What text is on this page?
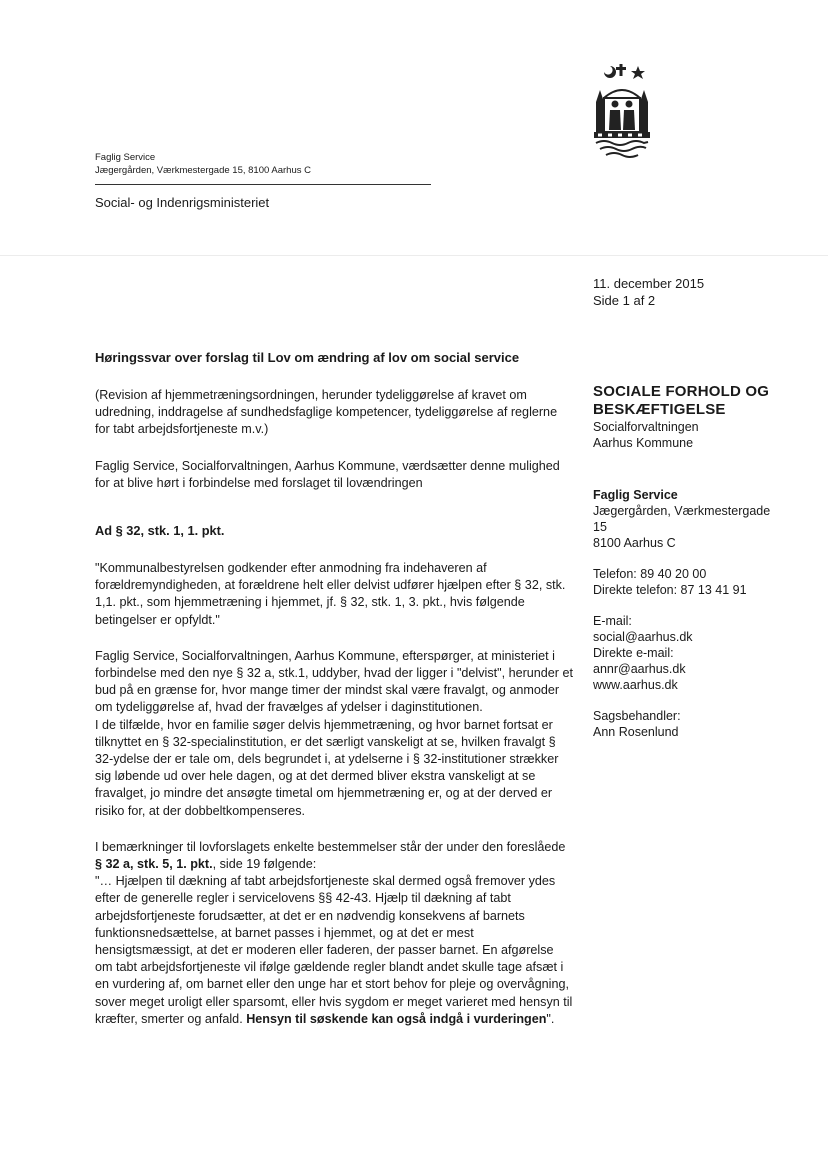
Faglig Service
Jægergården, Værkmestergade 15, 8100 Aarhus C
Social- og Indenrigsministeriet
11. december 2015
Side 1 af 2
SOCIALE FORHOLD OG
BESKÆFTIGELSE
Socialforvaltningen
Aarhus Kommune
Faglig Service
Jægergården, Værkmestergade
15
8100 Aarhus C
Telefon: 89 40 20 00
Direkte telefon: 87 13 41 91
E-mail:
social@aarhus.dk
Direkte e-mail:
annr@aarhus.dk
www.aarhus.dk
Sagsbehandler:
Ann Rosenlund
Høringssvar over forslag til Lov om ændring af lov om social service

(Revision af hjemmetræningsordningen, herunder tydeliggørelse af kravet om udredning, inddragelse af sundhedsfaglige kompetencer, tydeliggørelse af reglerne for tabt arbejdsfortjeneste m.v.)

Faglig Service, Socialforvaltningen, Aarhus Kommune, værdsætter denne mulighed for at blive hørt i forbindelse med forslaget til lovændringen

Ad § 32, stk. 1, 1. pkt.

"Kommunalbestyrelsen godkender efter anmodning fra indehaveren af forældremyndigheden, at forældrene helt eller delvist udfører hjælpen efter § 32, stk. 1,1. pkt., som hjemmetræning i hjemmet, jf. § 32, stk. 1, 3. pkt., hvis følgende betingelser er opfyldt."

Faglig Service, Socialforvaltningen, Aarhus Kommune, efterspørger, at ministeriet i forbindelse med den nye § 32 a, stk.1, uddyber, hvad der ligger i "delvist", herunder et bud på en grænse for, hvor mange timer der mindst skal være fravalgt, og anmoder om tydeliggørelse af, hvad der fravælges af ydelser i daginstitutionen.

I de tilfælde, hvor en familie søger delvis hjemmetræning, og hvor barnet fortsat er tilknyttet en § 32-specialinstitution, er det særligt vanskeligt at se, hvilken fravalgt § 32-ydelse der er tale om, dels begrundet i, at ydelserne i § 32-institutioner strækker sig løbende ud over hele dagen, og at det dermed bliver ekstra vanskeligt at se fravalget, jo mindre det ansøgte timetal om hjemmetræning er, og at der derved er risiko for, at der dobbeltkompenseres.

I bemærkninger til lovforslagets enkelte bestemmelser står der under den foreslåede § 32 a, stk. 5, 1. pkt., side 19 følgende:

"… Hjælpen til dækning af tabt arbejdsfortjeneste skal dermed også fremover ydes efter de generelle regler i servicelovens §§ 42-43. Hjælp til dækning af tabt arbejdsfortjeneste forudsætter, at det er en nødvendig konsekvens af barnets funktionsnedsættelse, at barnet passes i hjemmet, og at det er mest hensigtsmæssigt, at det er moderen eller faderen, der passer barnet. En afgørelse om tabt arbejdsfortjeneste vil ifølge gældende regler blandt andet skulle tage afsæt i en vurdering af, om barnet eller den unge har et stort behov for pleje og overvågning, sover meget uroligt eller sparsomt, eller hvis sygdom er meget varieret med hensyn til kræfter, smerter og anfald. Hensyn til søskende kan også indgå i vurderingen".
